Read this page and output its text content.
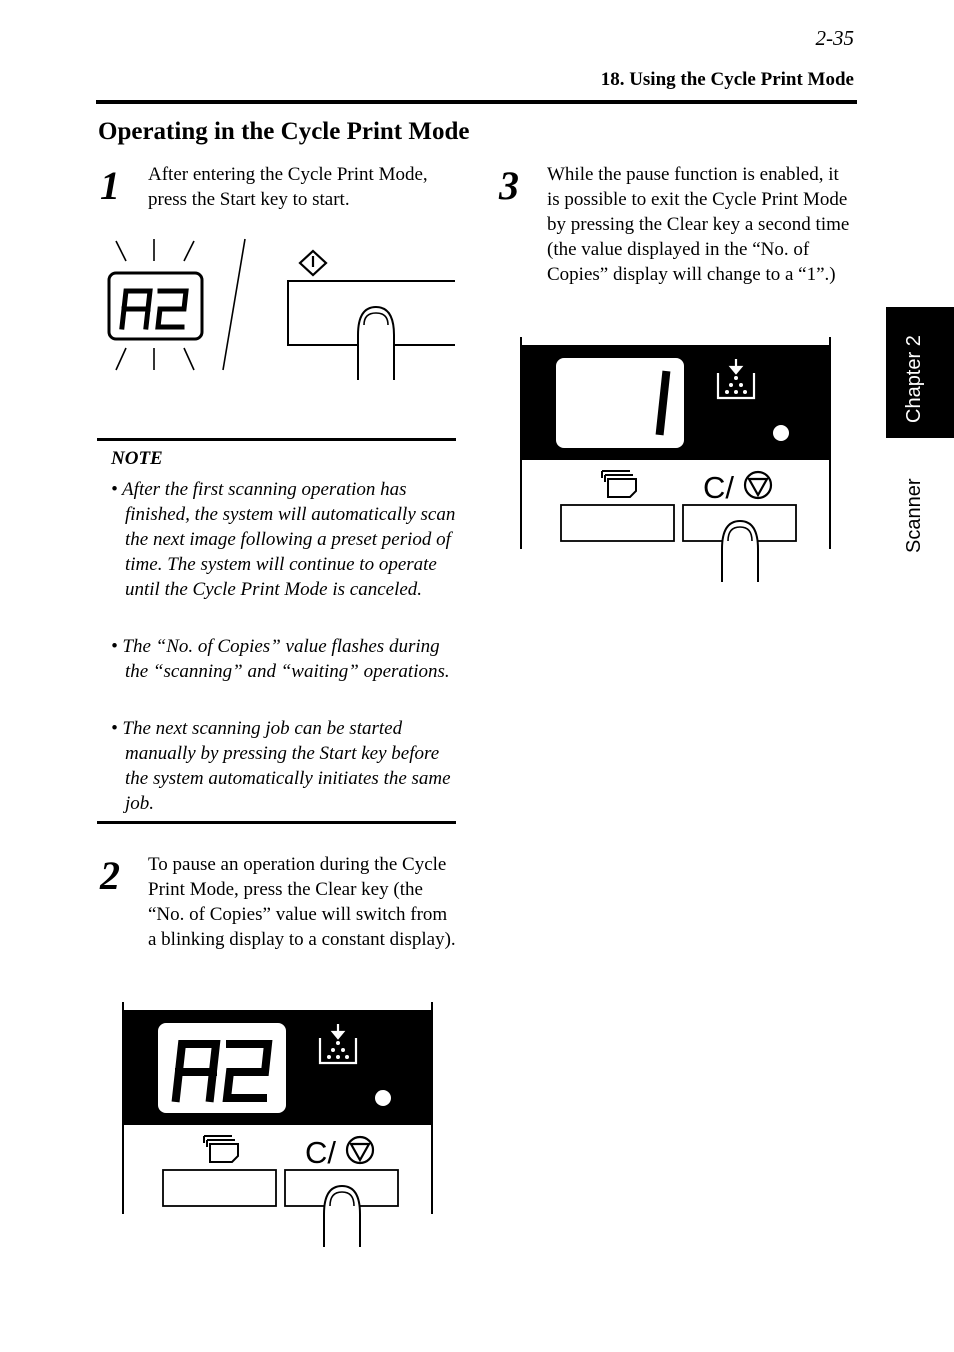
2-35
18. Using the Cycle Print Mode
Operating in the Cycle Print Mode
1 After entering the Cycle Print Mode, press the Start key to start.
NOTE
• After the first scanning operation has finished, the system will automatically scan the next image following a preset period of time. The system will continue to operate until the Cycle Print Mode is canceled.
• The “No. of Copies” value flashes during the “scanning” and “waiting” operations.
• The next scanning job can be started manually by pressing the Start key before the system automatically initiates the same job.
2 To pause an operation during the Cycle Print Mode, press the Clear key (the “No. of Copies” value will switch from a blinking display to a constant display).
C/
3 While the pause function is enabled, it is possible to exit the Cycle Print Mode by pressing the Clear key a second time (the value displayed in the “No. of Copies” display will change to a “1”.)
C/
Chapter 2
Scanner
